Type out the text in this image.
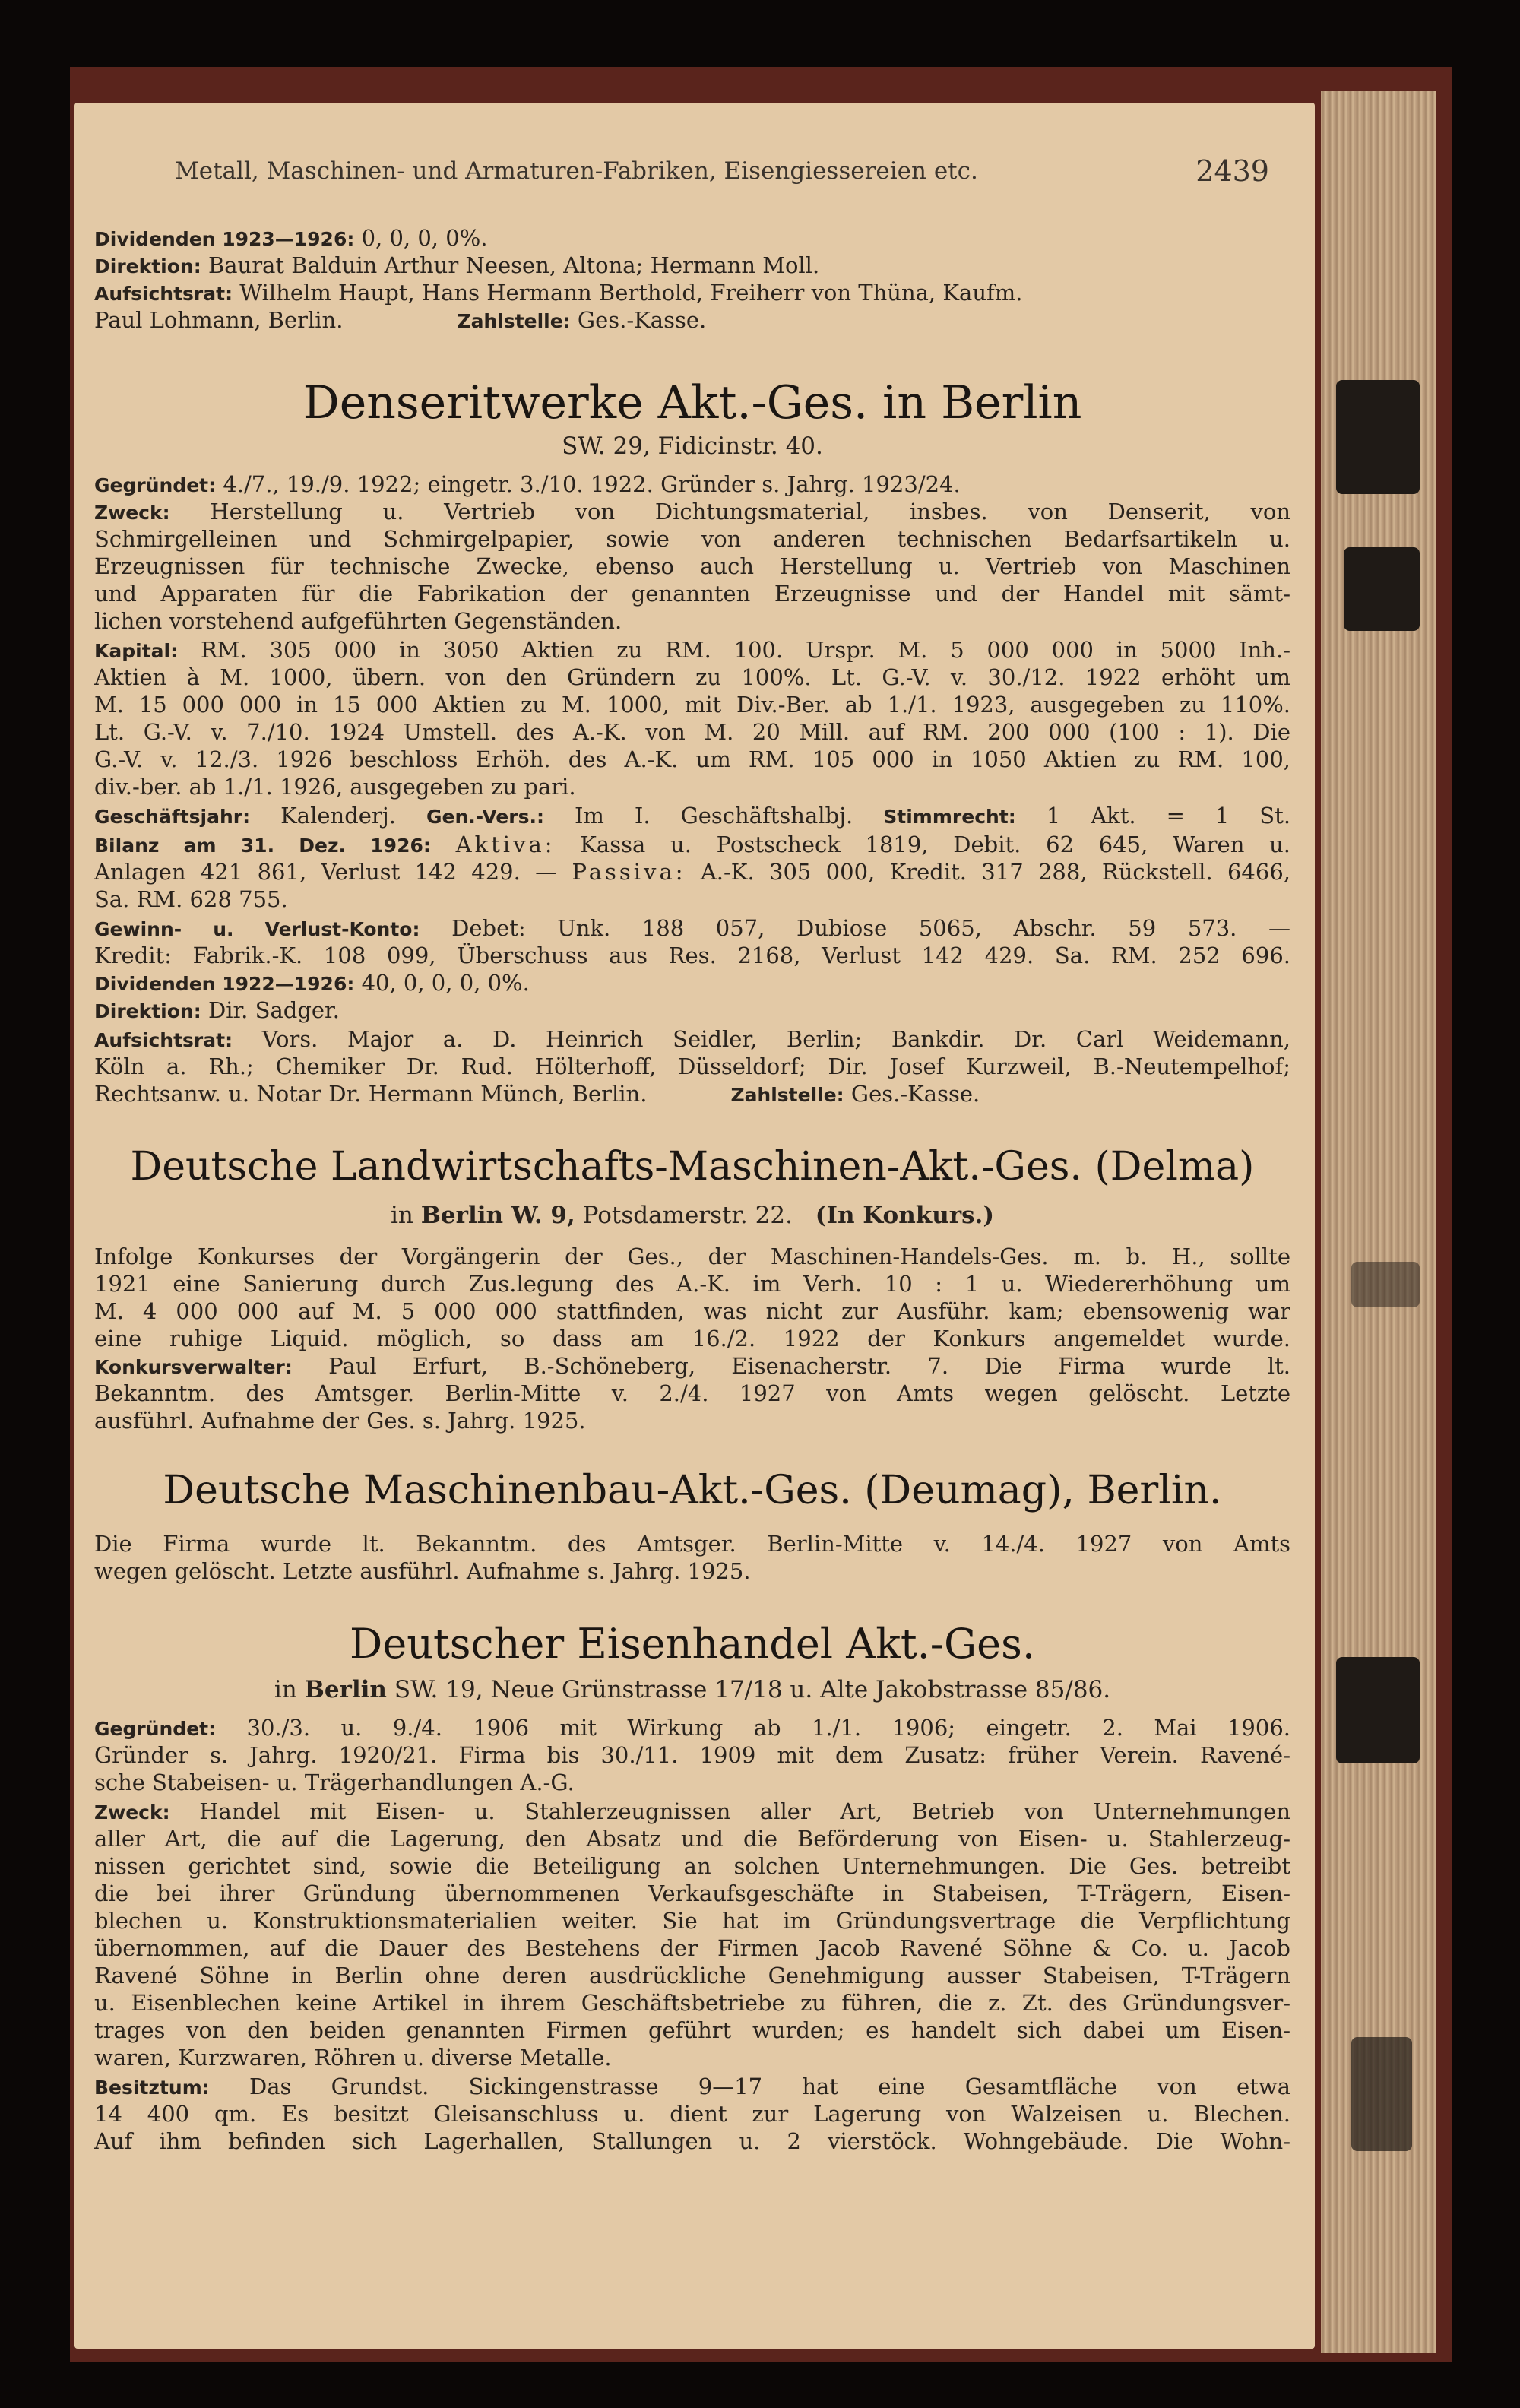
Metall, Maschinen- und Armaturen-Fabriken, Eisengiessereien etc.	2439
Dividenden 1923—1926: 0, 0, 0, 0%.
Direktion: Baurat Balduin Arthur Neesen, Altona; Hermann Moll.
Aufsichtsrat: Wilhelm Haupt, Hans Hermann Berthold, Freiherr von Thüna, Kaufm.
Paul Lohmann, Berlin.	Zahlstelle: Ges.-Kasse.
Denseritwerke Akt.-Ges. in Berlin
SW. 29, Fidicinstr. 40.
Gegründet: 4./7., 19./9. 1922; eingetr. 3./10. 1922. Gründer s. Jahrg. 1923/24.
Zweck: Herstellung u. Vertrieb von Dichtungsmaterial, insbes. von Denserit, von
Schmirgelleinen und Schmirgelpapier, sowie von anderen technischen Bedarfsartikeln u.
Erzeugnissen für technische Zwecke, ebenso auch Herstellung u. Vertrieb von Maschinen
und Apparaten für die Fabrikation der genannten Erzeugnisse und der Handel mit sämt-
lichen vorstehend aufgeführten Gegenständen.
Kapital: RM. 305 000 in 3050 Aktien zu RM. 100. Urspr. M. 5 000 000 in 5000 Inh.-
Aktien à M. 1000, übern. von den Gründern zu 100%. Lt. G.-V. v. 30./12. 1922 erhöht um
M. 15 000 000 in 15 000 Aktien zu M. 1000, mit Div.-Ber. ab 1./1. 1923, ausgegeben zu 110%.
Lt. G.-V. v. 7./10. 1924 Umstell. des A.-K. von M. 20 Mill. auf RM. 200 000 (100 : 1). Die
G.-V. v. 12./3. 1926 beschloss Erhöh. des A.-K. um RM. 105 000 in 1050 Aktien zu RM. 100,
div.-ber. ab 1./1. 1926, ausgegeben zu pari.
Geschäftsjahr: Kalenderj. Gen.-Vers.: Im I. Geschäftshalbj. Stimmrecht: 1 Akt. = 1 St.
Bilanz am 31. Dez. 1926: Aktiva: Kassa u. Postscheck 1819, Debit. 62 645, Waren u.
Anlagen 421 861, Verlust 142 429. — Passiva: A.-K. 305 000, Kredit. 317 288, Rückstell. 6466,
Sa. RM. 628 755.
Gewinn- u. Verlust-Konto: Debet: Unk. 188 057, Dubiose 5065, Abschr. 59 573. —
Kredit: Fabrik.-K. 108 099, Überschuss aus Res. 2168, Verlust 142 429. Sa. RM. 252 696.
Dividenden 1922—1926: 40, 0, 0, 0, 0%.
Direktion: Dir. Sadger.
Aufsichtsrat: Vors. Major a. D. Heinrich Seidler, Berlin; Bankdir. Dr. Carl Weidemann,
Köln a. Rh.; Chemiker Dr. Rud. Hölterhoff, Düsseldorf; Dir. Josef Kurzweil, B.-Neutempelhof;
Rechtsanw. u. Notar Dr. Hermann Münch, Berlin.	Zahlstelle: Ges.-Kasse.
Deutsche Landwirtschafts-Maschinen-Akt.-Ges. (Delma)
in Berlin W. 9, Potsdamerstr. 22. (In Konkurs.)
Infolge Konkurses der Vorgängerin der Ges., der Maschinen-Handels-Ges. m. b. H., sollte
1921 eine Sanierung durch Zus.legung des A.-K. im Verh. 10 : 1 u. Wiedererhöhung um
M. 4 000 000 auf M. 5 000 000 stattfinden, was nicht zur Ausführ. kam; ebensowenig war
eine ruhige Liquid. möglich, so dass am 16./2. 1922 der Konkurs angemeldet wurde.
Konkursverwalter: Paul Erfurt, B.-Schöneberg, Eisenacherstr. 7. Die Firma wurde lt.
Bekanntm. des Amtsger. Berlin-Mitte v. 2./4. 1927 von Amts wegen gelöscht. Letzte
ausführl. Aufnahme der Ges. s. Jahrg. 1925.
Deutsche Maschinenbau-Akt.-Ges. (Deumag), Berlin.
Die Firma wurde lt. Bekanntm. des Amtsger. Berlin-Mitte v. 14./4. 1927 von Amts
wegen gelöscht. Letzte ausführl. Aufnahme s. Jahrg. 1925.
Deutscher Eisenhandel Akt.-Ges.
in Berlin SW. 19, Neue Grünstrasse 17/18 u. Alte Jakobstrasse 85/86.
Gegründet: 30./3. u. 9./4. 1906 mit Wirkung ab 1./1. 1906; eingetr. 2. Mai 1906.
Gründer s. Jahrg. 1920/21. Firma bis 30./11. 1909 mit dem Zusatz: früher Verein. Ravené-
sche Stabeisen- u. Trägerhandlungen A.-G.
Zweck: Handel mit Eisen- u. Stahlerzeugnissen aller Art, Betrieb von Unternehmungen
aller Art, die auf die Lagerung, den Absatz und die Beförderung von Eisen- u. Stahlerzeug-
nissen gerichtet sind, sowie die Beteiligung an solchen Unternehmungen. Die Ges. betreibt
die bei ihrer Gründung übernommenen Verkaufsgeschäfte in Stabeisen, T-Trägern, Eisen-
blechen u. Konstruktionsmaterialien weiter. Sie hat im Gründungsvertrage die Verpflichtung
übernommen, auf die Dauer des Bestehens der Firmen Jacob Ravené Söhne & Co. u. Jacob
Ravené Söhne in Berlin ohne deren ausdrückliche Genehmigung ausser Stabeisen, T-Trägern
u. Eisenblechen keine Artikel in ihrem Geschäftsbetriebe zu führen, die z. Zt. des Gründungsver-
trages von den beiden genannten Firmen geführt wurden; es handelt sich dabei um Eisen-
waren, Kurzwaren, Röhren u. diverse Metalle.
Besitztum: Das Grundst. Sickingenstrasse 9—17 hat eine Gesamtfläche von etwa
14 400 qm. Es besitzt Gleisanschluss u. dient zur Lagerung von Walzeisen u. Blechen.
Auf ihm befinden sich Lagerhallen, Stallungen u. 2 vierstöck. Wohngebäude. Die Wohn-
